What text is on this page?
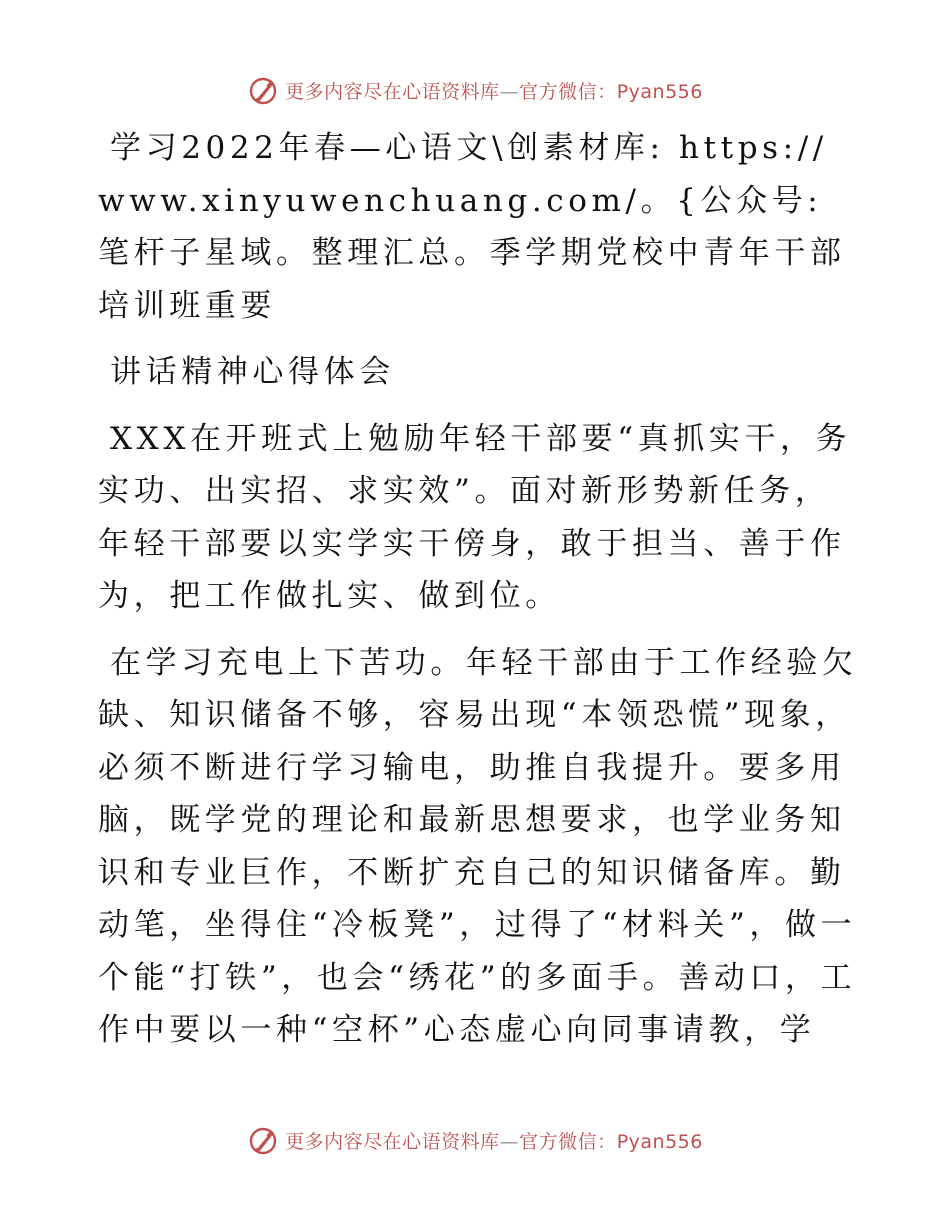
更多内容尽在心语资料库—官方微信：Pyan556

学习2022年春—心语文\创素材库: https://www.xinyuwenchuang.com/。{公众号: 笔杆子星域。整理汇总。季学期党校中青年干部培训班重要

讲话精神心得体会

XXX在开班式上勉励年轻干部要“真抓实干，务实功、出实招、求实效”。面对新形势新任务，年轻干部要以实学实干傍身，敢于担当、善于作为，把工作做扎实、做到位。

在学习充电上下苦功。年轻干部由于工作经验欠缺、知识储备不够，容易出现“本领恐慌”现象，必须不断进行学习输电，助推自我提升。要多用脑，既学党的理论和最新思想要求，也学业务知识和专业巨作，不断扩充自己的知识储备库。勤动笔，坐得住“冷板凳”，过得了“材料关”，做一个能“打铁”，也会“绣花”的多面手。善动口，工作中要以一种“空杯”心态虚心向同事请教，学

更多内容尽在心语资料库—官方微信：Pyan556
